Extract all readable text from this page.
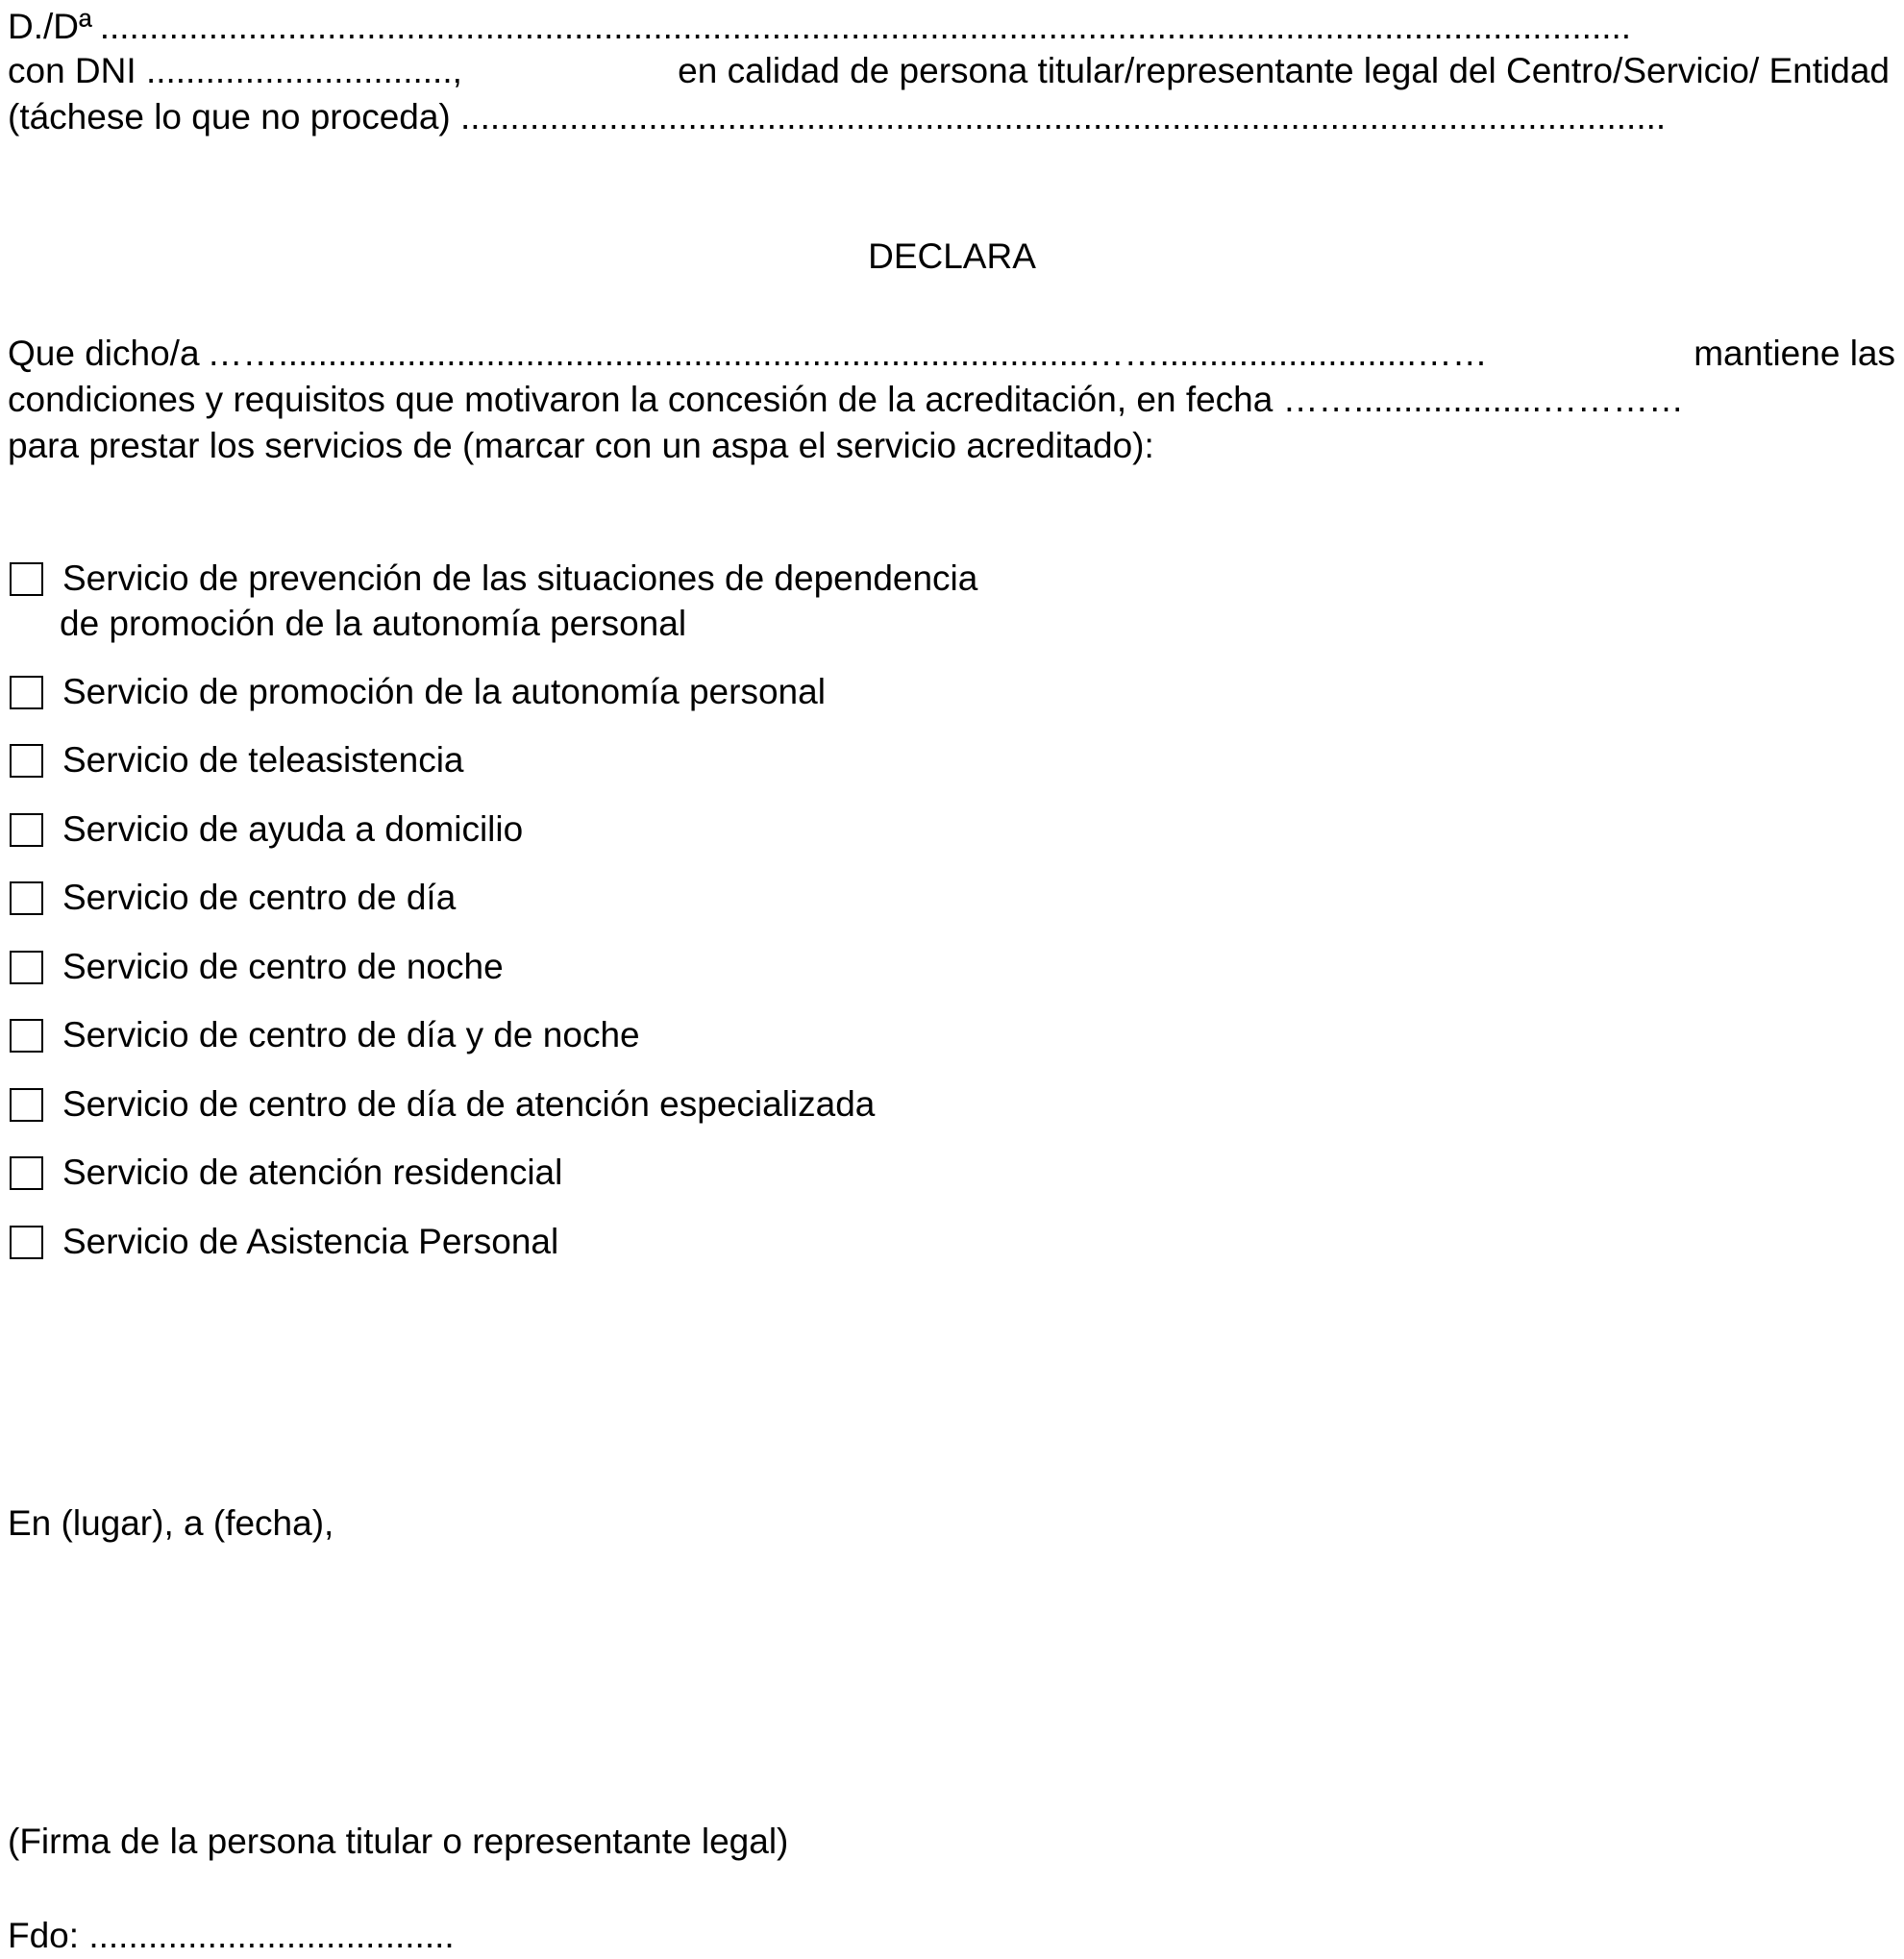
D./Dª ...........................................................................................................................................................
con DNI ...............................,	en calidad de persona titular/representante legal del Centro/Servicio/ Entidad
(táchese lo que no proceda) ..........................................................................................................................
DECLARA
Que dicho/a ……..................................................................................……..........................……	mantiene las
condiciones y requisitos que motivaron la concesión de la acreditación, en fecha ……...................…………
para prestar los servicios de (marcar con un aspa el servicio acreditado):
Servicio de prevención de las situaciones de dependencia
de promoción de la autonomía personal
Servicio de promoción de la autonomía personal
Servicio de teleasistencia
Servicio de ayuda a domicilio
Servicio de centro de día
Servicio de centro de noche
Servicio de centro de día y de noche
Servicio de centro de día de atención especializada
Servicio de atención residencial
Servicio de Asistencia Personal
En (lugar), a (fecha),
(Firma de la persona titular o representante legal)
Fdo: .....................................
